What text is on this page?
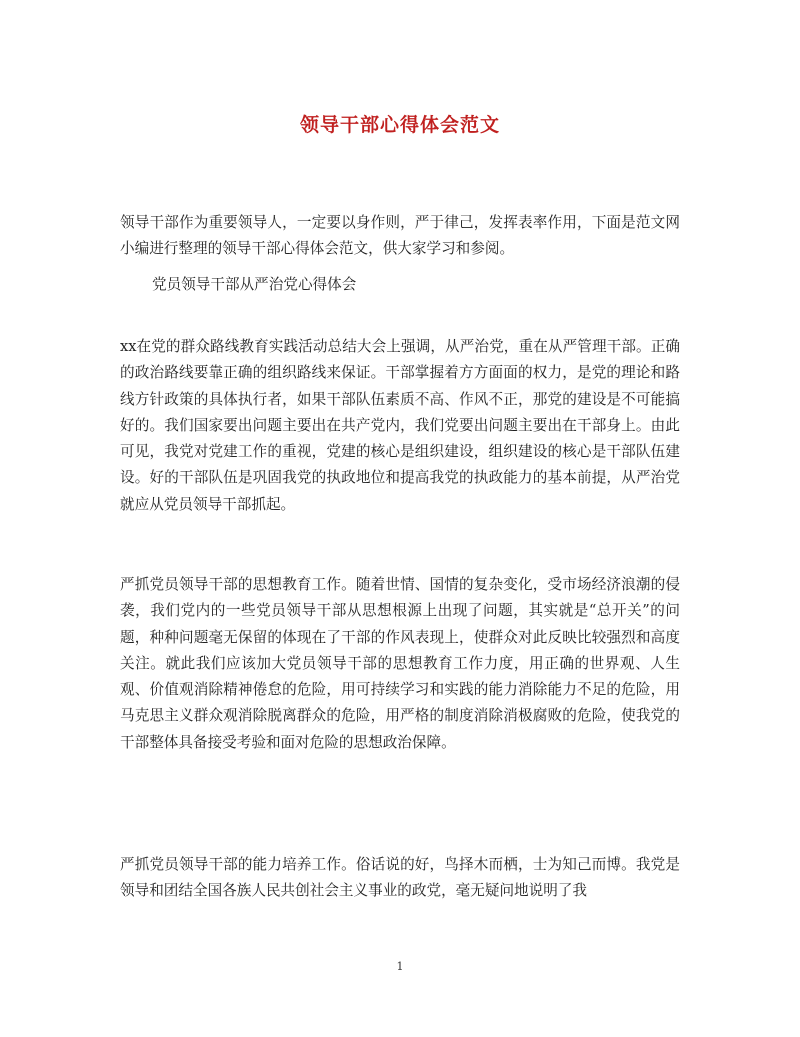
领导干部心得体会范文

领导干部作为重要领导人，一定要以身作则，严于律己，发挥表率作用，下面是范文网小编进行整理的领导干部心得体会范文，供大家学习和参阅。

党员领导干部从严治党心得体会

xx在党的群众路线教育实践活动总结大会上强调，从严治党，重在从严管理干部。正确的政治路线要靠正确的组织路线来保证。干部掌握着方方面面的权力，是党的理论和路线方针政策的具体执行者，如果干部队伍素质不高、作风不正，那党的建设是不可能搞好的。我们国家要出问题主要出在共产党内，我们党要出问题主要出在干部身上。由此可见，我党对党建工作的重视，党建的核心是组织建设，组织建设的核心是干部队伍建设。好的干部队伍是巩固我党的执政地位和提高我党的执政能力的基本前提，从严治党就应从党员领导干部抓起。

严抓党员领导干部的思想教育工作。随着世情、国情的复杂变化，受市场经济浪潮的侵袭，我们党内的一些党员领导干部从思想根源上出现了问题，其实就是“总开关”的问题，种种问题毫无保留的体现在了干部的作风表现上，使群众对此反映比较强烈和高度关注。就此我们应该加大党员领导干部的思想教育工作力度，用正确的世界观、人生观、价值观消除精神倦怠的危险，用可持续学习和实践的能力消除能力不足的危险，用马克思主义群众观消除脱离群众的危险，用严格的制度消除消极腐败的危险，使我党的干部整体具备接受考验和面对危险的思想政治保障。

严抓党员领导干部的能力培养工作。俗话说的好，鸟择木而栖，士为知己而博。我党是领导和团结全国各族人民共创社会主义事业的政党，毫无疑问地说明了我

1
